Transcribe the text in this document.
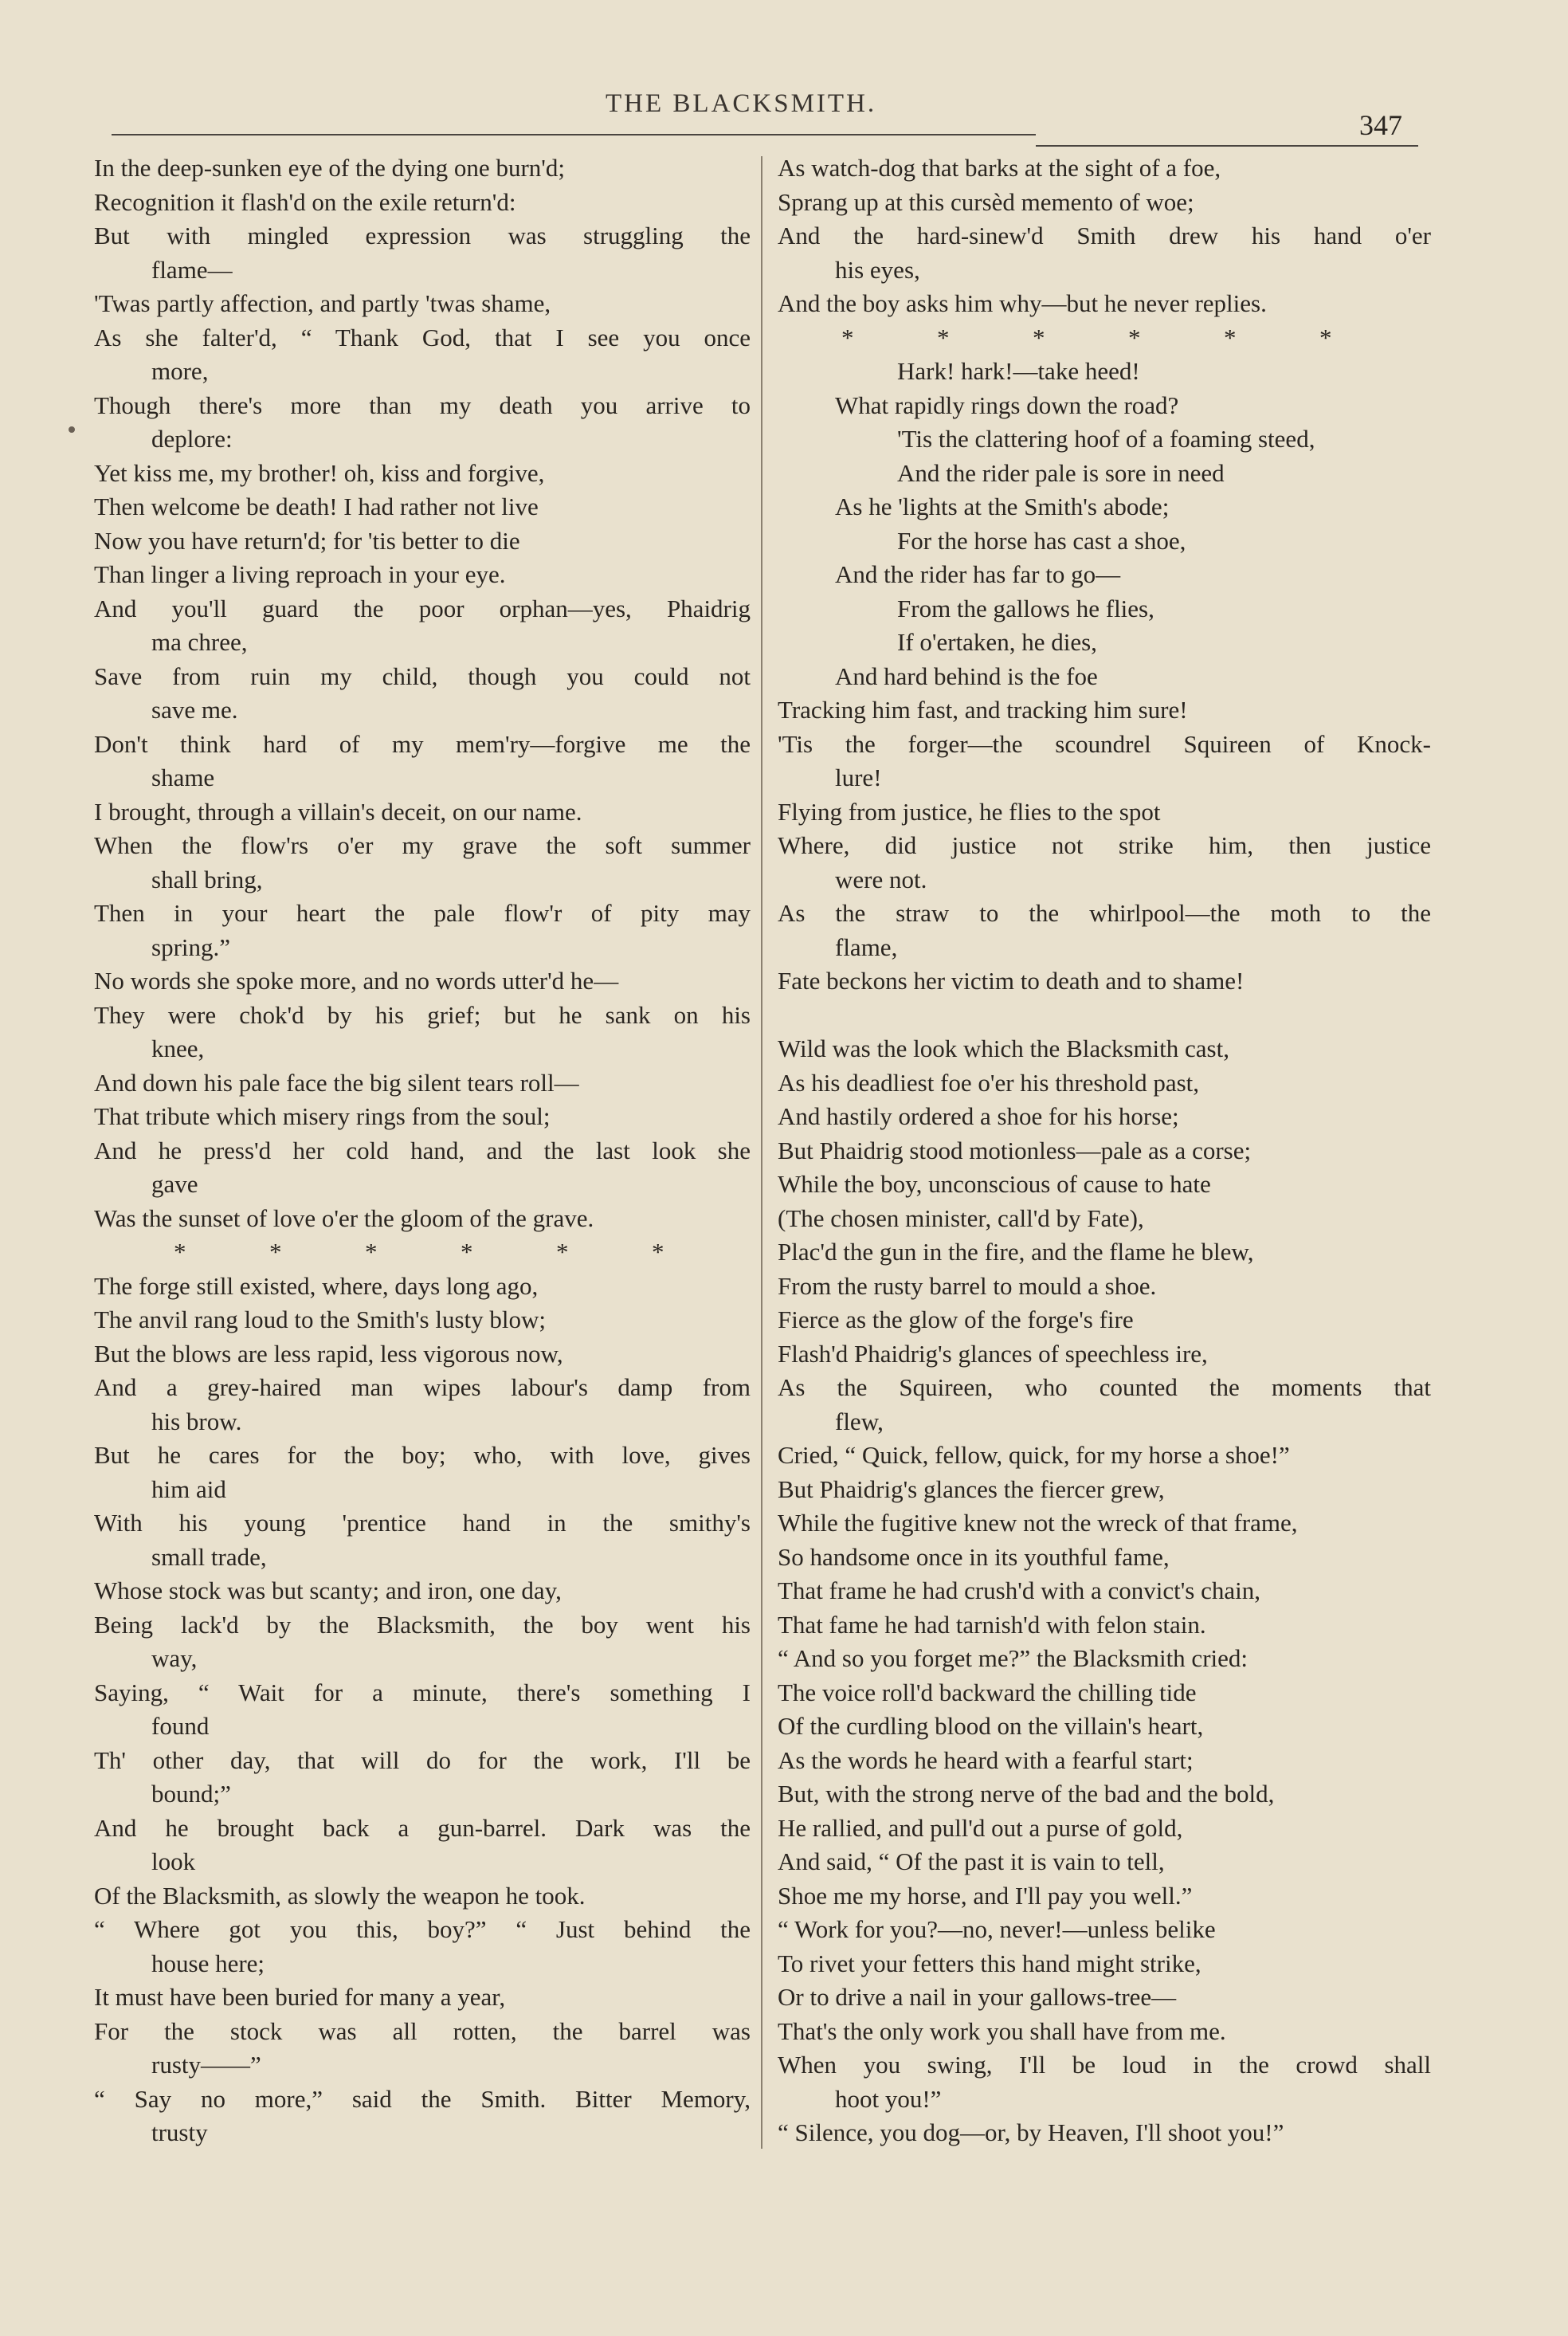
THE BLACKSMITH.
347
In the deep-sunken eye of the dying one burn'd;
Recognition it flash'd on the exile return'd:
But with mingled expression was struggling the
flame—
'Twas partly affection, and partly 'twas shame,
As she falter'd, “ Thank God, that I see you once
more,
Though there's more than my death you arrive to
deplore:
Yet kiss me, my brother! oh, kiss and forgive,
Then welcome be death! I had rather not live
Now you have return'd; for 'tis better to die
Than linger a living reproach in your eye.
And you'll guard the poor orphan—yes, Phaidrig
ma chree,
Save from ruin my child, though you could not
save me.
Don't think hard of my mem'ry—forgive me the
shame
I brought, through a villain's deceit, on our name.
When the flow'rs o'er my grave the soft summer
shall bring,
Then in your heart the pale flow'r of pity may
spring.”
No words she spoke more, and no words utter'd he—
They were chok'd by his grief; but he sank on his
knee,
And down his pale face the big silent tears roll—
That tribute which misery rings from the soul;
And he press'd her cold hand, and the last look she
gave
Was the sunset of love o'er the gloom of the grave.
*	*	*	*	*	*
The forge still existed, where, days long ago,
The anvil rang loud to the Smith's lusty blow;
But the blows are less rapid, less vigorous now,
And a grey-haired man wipes labour's damp from
his brow.
But he cares for the boy; who, with love, gives
him aid
With his young 'prentice hand in the smithy's
small trade,
Whose stock was but scanty; and iron, one day,
Being lack'd by the Blacksmith, the boy went his
way,
Saying, “ Wait for a minute, there's something I
found
Th' other day, that will do for the work, I'll be
bound;”
And he brought back a gun-barrel. Dark was the
look
Of the Blacksmith, as slowly the weapon he took.
“ Where got you this, boy?” “ Just behind the
house here;
It must have been buried for many a year,
For the stock was all rotten, the barrel was
rusty——”
“ Say no more,” said the Smith. Bitter Memory,
trusty
As watch-dog that barks at the sight of a foe,
Sprang up at this cursèd memento of woe;
And the hard-sinew'd Smith drew his hand o'er
his eyes,
And the boy asks him why—but he never replies.
*	*	*	*	*	*
Hark! hark!—take heed!
What rapidly rings down the road?
'Tis the clattering hoof of a foaming steed,
And the rider pale is sore in need
As he 'lights at the Smith's abode;
For the horse has cast a shoe,
And the rider has far to go—
From the gallows he flies,
If o'ertaken, he dies,
And hard behind is the foe
Tracking him fast, and tracking him sure!
'Tis the forger—the scoundrel Squireen of Knock-
lure!
Flying from justice, he flies to the spot
Where, did justice not strike him, then justice
were not.
As the straw to the whirlpool—the moth to the
flame,
Fate beckons her victim to death and to shame!
Wild was the look which the Blacksmith cast,
As his deadliest foe o'er his threshold past,
And hastily ordered a shoe for his horse;
But Phaidrig stood motionless—pale as a corse;
While the boy, unconscious of cause to hate
(The chosen minister, call'd by Fate),
Plac'd the gun in the fire, and the flame he blew,
From the rusty barrel to mould a shoe.
Fierce as the glow of the forge's fire
Flash'd Phaidrig's glances of speechless ire,
As the Squireen, who counted the moments that
flew,
Cried, “ Quick, fellow, quick, for my horse a shoe!”
But Phaidrig's glances the fiercer grew,
While the fugitive knew not the wreck of that frame,
So handsome once in its youthful fame,
That frame he had crush'd with a convict's chain,
That fame he had tarnish'd with felon stain.
“ And so you forget me?” the Blacksmith cried:
The voice roll'd backward the chilling tide
Of the curdling blood on the villain's heart,
As the words he heard with a fearful start;
But, with the strong nerve of the bad and the bold,
He rallied, and pull'd out a purse of gold,
And said, “ Of the past it is vain to tell,
Shoe me my horse, and I'll pay you well.”
“ Work for you?—no, never!—unless belike
To rivet your fetters this hand might strike,
Or to drive a nail in your gallows-tree—
That's the only work you shall have from me.
When you swing, I'll be loud in the crowd shall
hoot you!”
“ Silence, you dog—or, by Heaven, I'll shoot you!”
